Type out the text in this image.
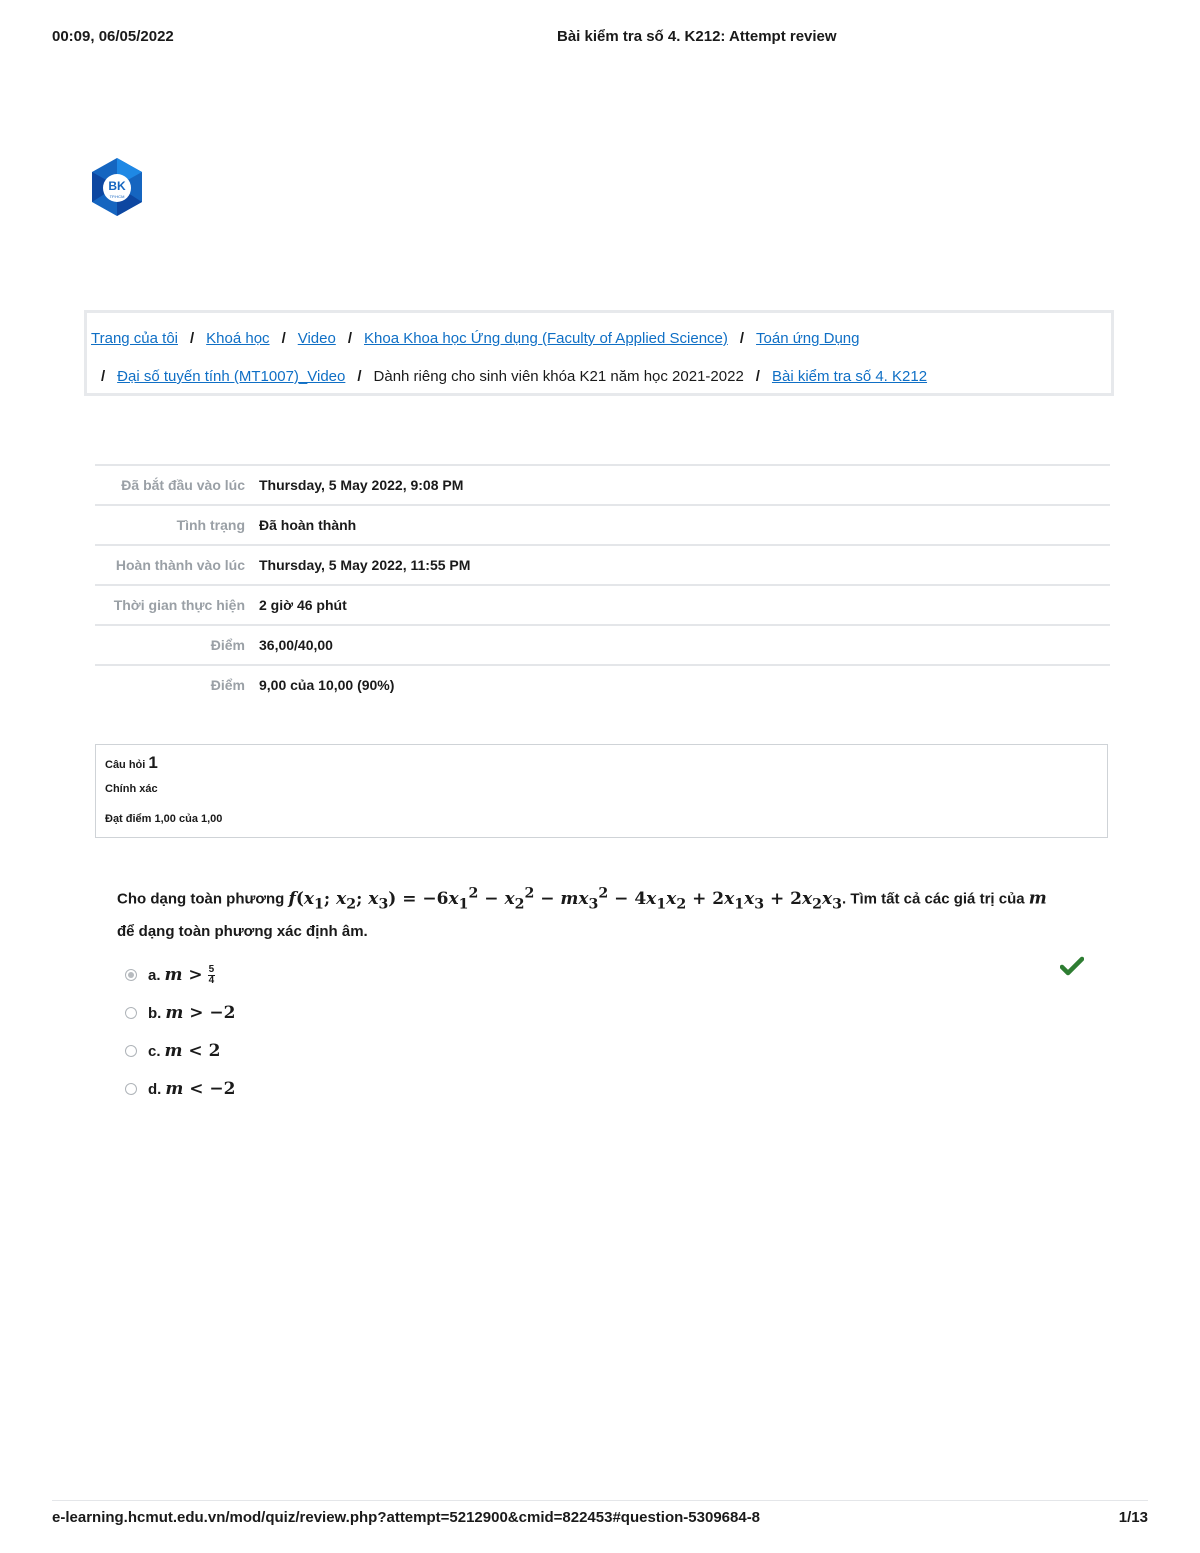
00:09, 06/05/2022	Bài kiểm tra số 4. K212: Attempt review
BK
TP.HCM BÁCH KHOA E-LEARNING
Trang của tôi / Khoá học / Video / Khoa Khoa học Ứng dụng (Faculty of Applied Science) / Toán ứng Dụng
/ Đại số tuyến tính (MT1007)_Video / Dành riêng cho sinh viên khóa K21 năm học 2021-2022 / Bài kiểm tra số 4. K212
Đã bắt đầu vào lúc	Thursday, 5 May 2022, 9:08 PM
Tình trạng	Đã hoàn thành
Hoàn thành vào lúc	Thursday, 5 May 2022, 11:55 PM
Thời gian thực hiện	2 giờ 46 phút
Điểm	36,00/40,00
Điểm	9,00 của 10,00 (90%)
Câu hỏi 1
Chính xác
Đạt điểm 1,00 của 1,00
Cho dạng toàn phương $f(x_1$; $x_2$; $x_3) = -6x_1^2 - x_2^2 - mx_3^2 - 4x_1x_2 + 2x_1x_3 + 2x_2x_3$. Tìm tất cả các giá trị của m để dạng toàn phương xác định âm.
a. $m > \frac{5}{4}$
b. m > −2
c. m < 2
d. m < −2
e-learning.hcmut.edu.vn/mod/quiz/review.php?attempt=5212900&cmid=822453#question-5309684-8	1/13
